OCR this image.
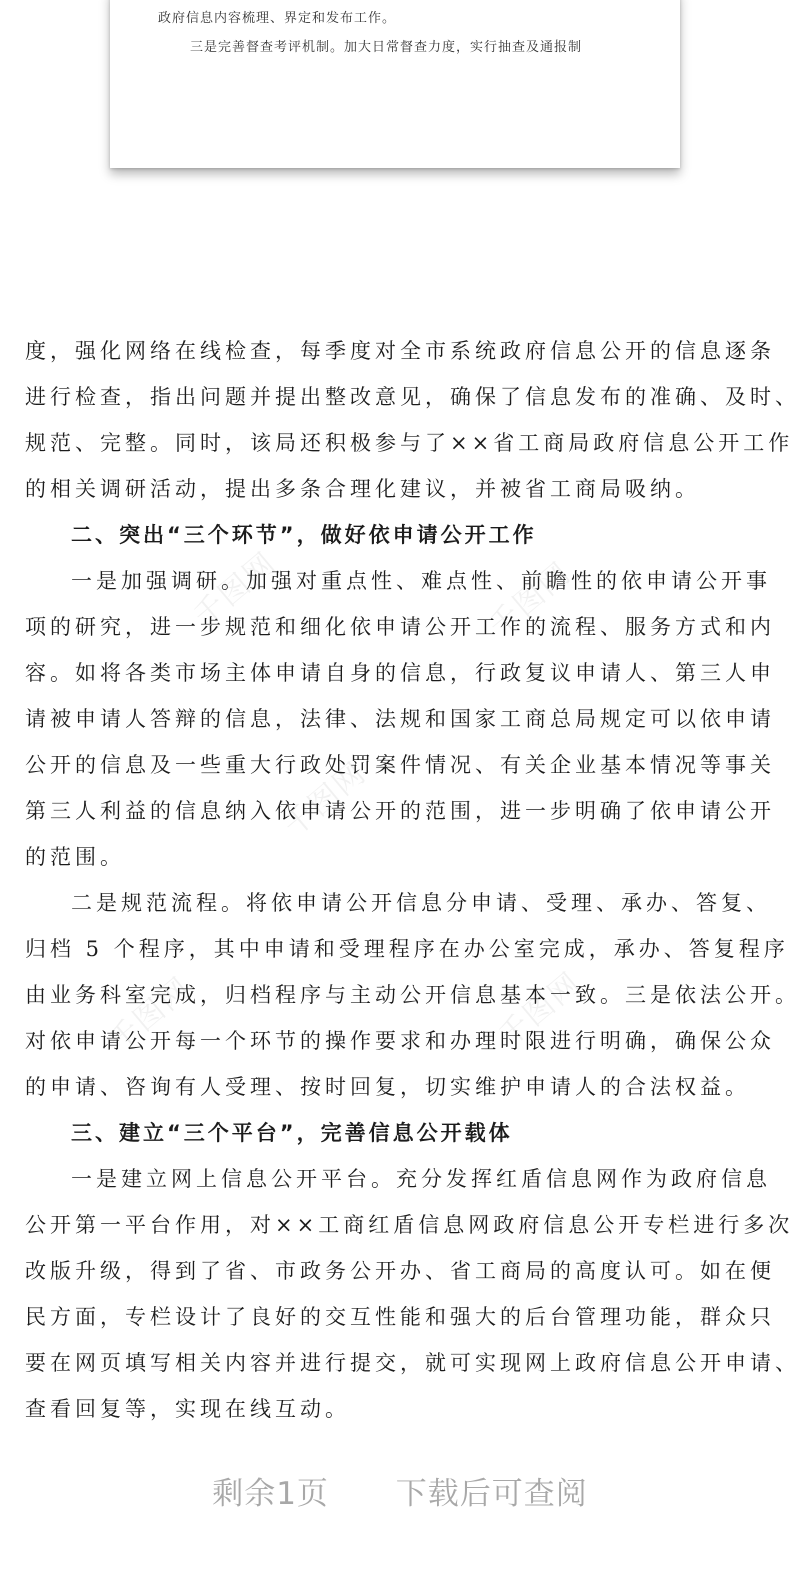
政府信息内容梳理、界定和发布工作。
三是完善督查考评机制。加大日常督查力度，实行抽查及通报制
千图网	千图网
千图网
千图网	千图网
度，强化网络在线检查，每季度对全市系统政府信息公开的信息逐条
进行检查，指出问题并提出整改意见，确保了信息发布的准确、及时、
规范、完整。同时，该局还积极参与了××省工商局政府信息公开工作
的相关调研活动，提出多条合理化建议，并被省工商局吸纳。
二、突出“三个环节”，做好依申请公开工作
一是加强调研。加强对重点性、难点性、前瞻性的依申请公开事
项的研究，进一步规范和细化依申请公开工作的流程、服务方式和内
容。如将各类市场主体申请自身的信息，行政复议申请人、第三人申
请被申请人答辩的信息，法律、法规和国家工商总局规定可以依申请
公开的信息及一些重大行政处罚案件情况、有关企业基本情况等事关
第三人利益的信息纳入依申请公开的范围，进一步明确了依申请公开
的范围。
二是规范流程。将依申请公开信息分申请、受理、承办、答复、
归档 5 个程序，其中申请和受理程序在办公室完成，承办、答复程序
由业务科室完成，归档程序与主动公开信息基本一致。三是依法公开。
对依申请公开每一个环节的操作要求和办理时限进行明确，确保公众
的申请、咨询有人受理、按时回复，切实维护申请人的合法权益。
三、建立“三个平台”，完善信息公开载体
一是建立网上信息公开平台。充分发挥红盾信息网作为政府信息
公开第一平台作用，对××工商红盾信息网政府信息公开专栏进行多次
改版升级，得到了省、市政务公开办、省工商局的高度认可。如在便
民方面，专栏设计了良好的交互性能和强大的后台管理功能，群众只
要在网页填写相关内容并进行提交，就可实现网上政府信息公开申请、
查看回复等，实现在线互动。
剩余1页 下载后可查阅
